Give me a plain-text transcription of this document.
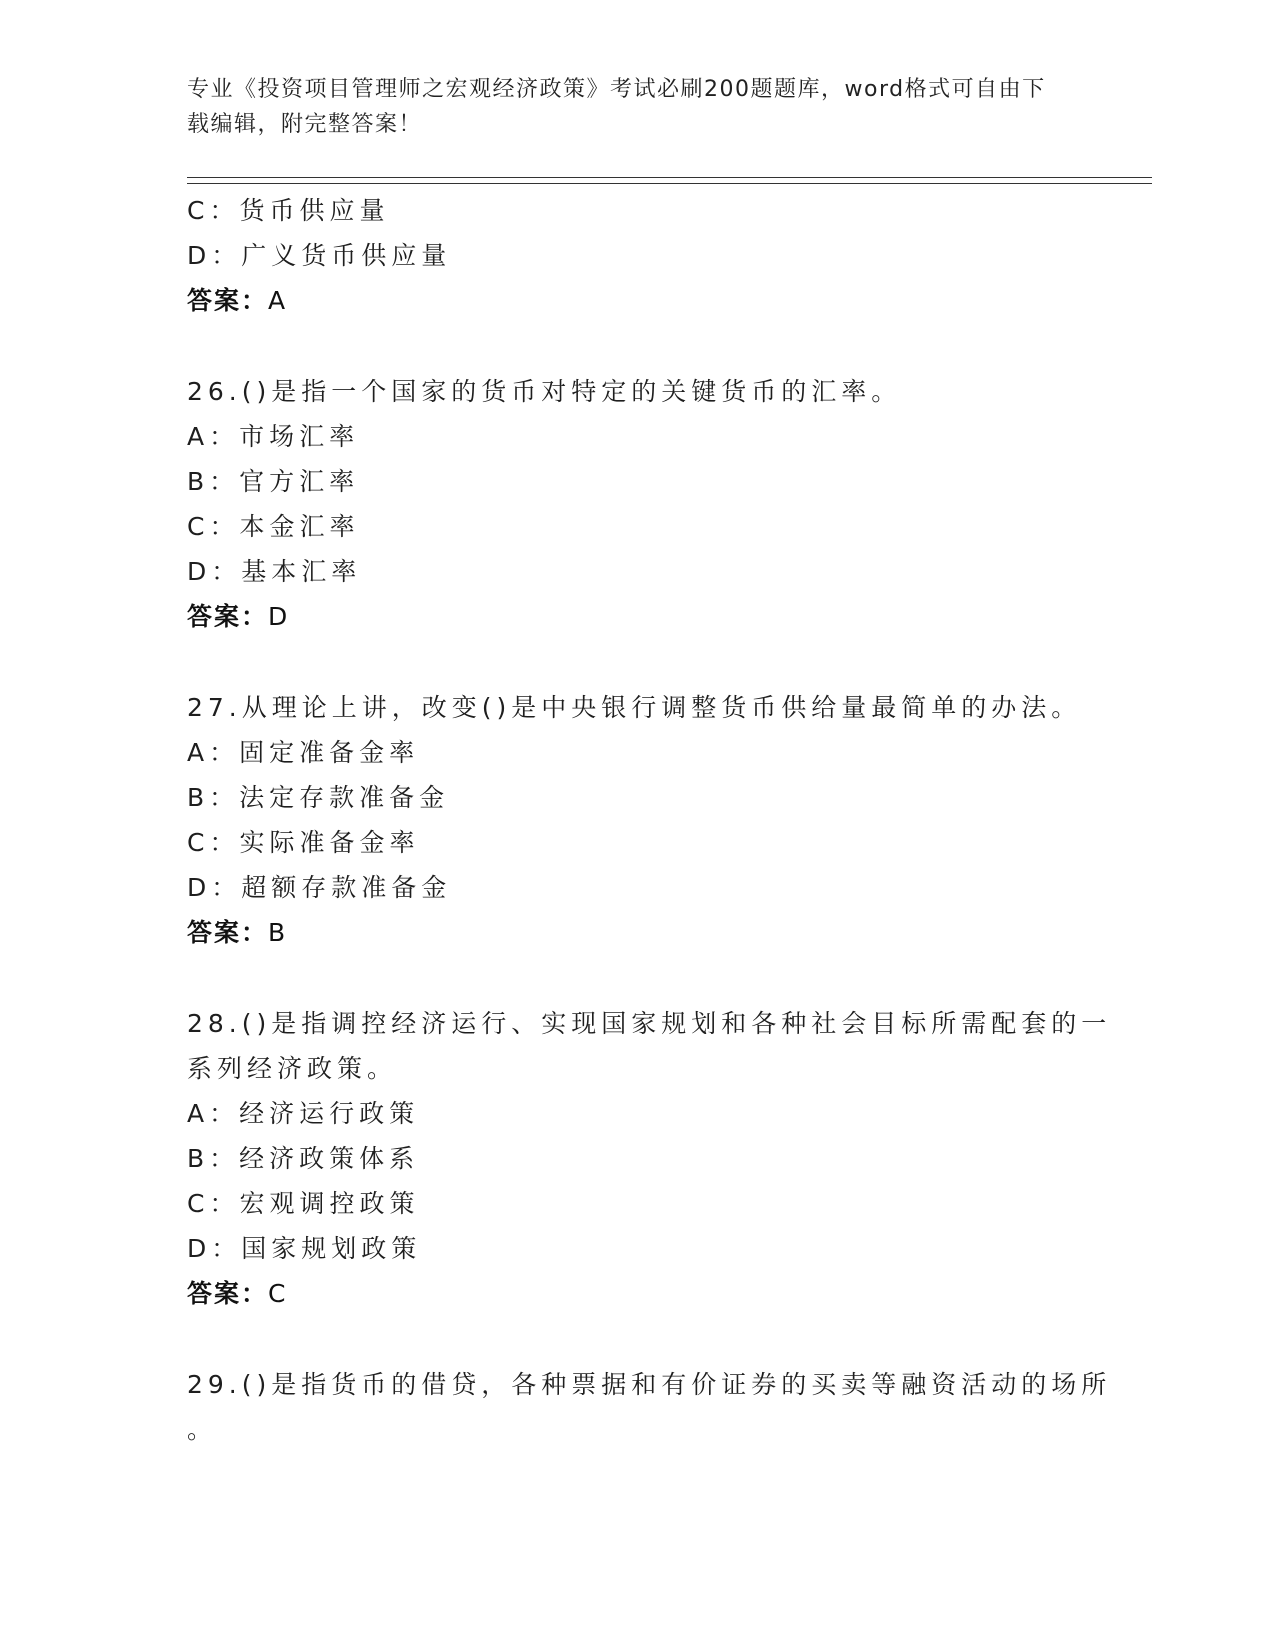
专业《投资项目管理师之宏观经济政策》考试必刷200题题库，word格式可自由下载编辑，附完整答案！
C：货币供应量
D：广义货币供应量
答案：A
26.()是指一个国家的货币对特定的关键货币的汇率。
A：市场汇率
B：官方汇率
C：本金汇率
D：基本汇率
答案：D
27.从理论上讲，改变()是中央银行调整货币供给量最简单的办法。
A：固定准备金率
B：法定存款准备金
C：实际准备金率
D：超额存款准备金
答案：B
28.()是指调控经济运行、实现国家规划和各种社会目标所需配套的一
系列经济政策。
A：经济运行政策
B：经济政策体系
C：宏观调控政策
D：国家规划政策
答案：C
29.()是指货币的借贷，各种票据和有价证券的买卖等融资活动的场所
。
